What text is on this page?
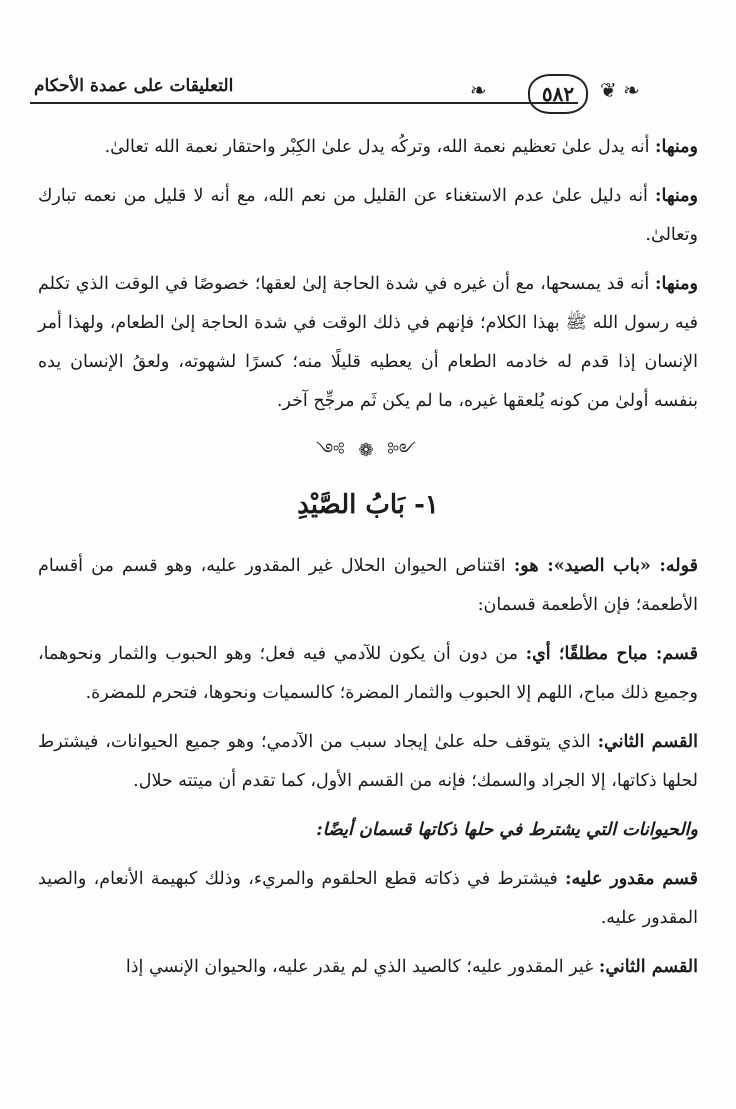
التعليقات على عمدة الأحكام	❧	٥٨٢	❦ ❧

ومنها: أنه يدل علىٰ تعظيم نعمة الله، وتركُه يدل علىٰ الكِبْر واحتقار نعمة الله تعالىٰ.

ومنها: أنه دليل علىٰ عدم الاستغناء عن القليل من نعم الله، مع أنه لا قليل من نعمه تبارك وتعالىٰ.

ومنها: أنه قد يمسحها، مع أن غيره في شدة الحاجة إلىٰ لعقها؛ خصوصًا في الوقت الذي تكلم فيه رسول الله ﷺ بهذا الكلام؛ فإنهم في ذلك الوقت في شدة الحاجة إلىٰ الطعام، ولهذا أمر الإنسان إذا قدم له خادمه الطعام أن يعطيه قليلًا منه؛ كسرًا لشهوته، ولعقُ الإنسان يده بنفسه أولىٰ من كونه يُلعقها غيره، ما لم يكن ثَم مرجِّح آخر.

༺ ❁ ༻
١- بَابُ الصَّيْدِ

قوله: «باب الصيد»: هو: اقتناص الحيوان الحلال غير المقدور عليه، وهو قسم من أقسام الأطعمة؛ فإن الأطعمة قسمان:

قسم: مباح مطلقًا؛ أي: من دون أن يكون للآدمي فيه فعل؛ وهو الحبوب والثمار ونحوهما، وجميع ذلك مباح، اللهم إلا الحبوب والثمار المضرة؛ كالسميات ونحوها، فتحرم للمضرة.

القسم الثاني: الذي يتوقف حله علىٰ إيجاد سبب من الآدمي؛ وهو جميع الحيوانات، فيشترط لحلها ذكاتها، إلا الجراد والسمك؛ فإنه من القسم الأول، كما تقدم أن ميتته حلال.

والحيوانات التي يشترط في حلها ذكاتها قسمان أيضًا:

قسم مقدور عليه: فيشترط في ذكاته قطع الحلقوم والمريء، وذلك كبهيمة الأنعام، والصيد المقدور عليه.

القسم الثاني: غير المقدور عليه؛ كالصيد الذي لم يقدر عليه، والحيوان الإنسي إذا
